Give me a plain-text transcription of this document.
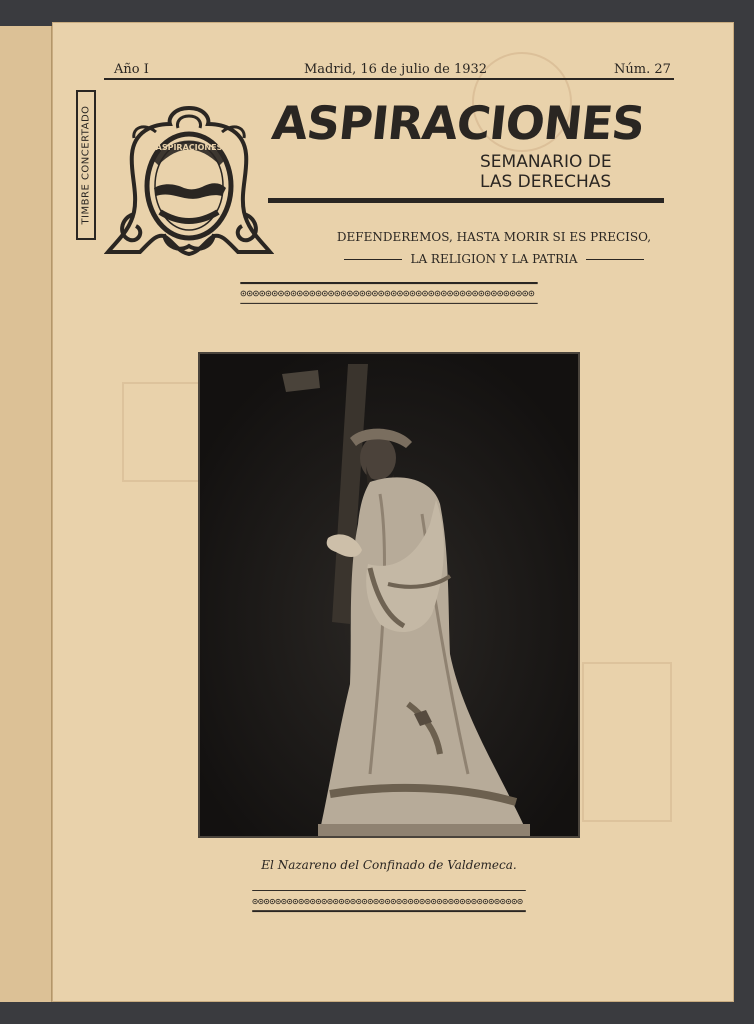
Año I	Madrid, 16 de julio de 1932	Núm. 27
TIMBRE CONCERTADO	ASPIRACIONES ASPIRACIONES
SEMANARIO DE
LAS DERECHAS
DEFENDEREMOS, HASTA MORIR SI ES PRECISO,
LA RELIGION Y LA PATRIA
El Nazareno del Confinado de Valdemeca.
